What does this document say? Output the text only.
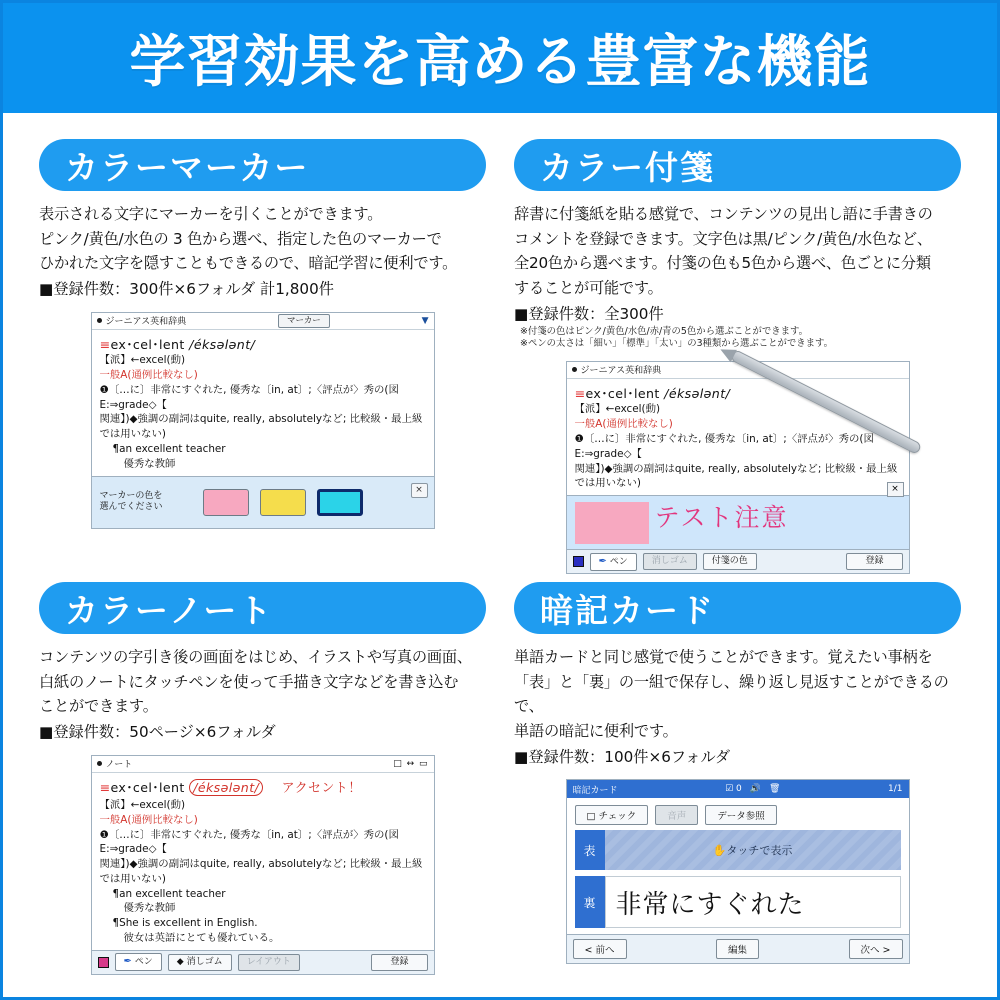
学習効果を高める豊富な機能
カラーマーカー
表示される文字にマーカーを引くことができます。
ピンク/黄色/水色の 3 色から選べ、指定した色のマーカーで
ひかれた文字を隠すこともできるので、暗記学習に便利です。
■登録件数：300件×6フォルダ 計1,800件
ジーニアス英和辞典	マーカー	▼
≡ex･cel･lent /éksələnt/
【派】←excel(動)
一般A(通例比較なし)
❶〔…に〕非常にすぐれた, 優秀な〔in, at〕;〈評点が〉秀の(図E:⇒grade◇【
関連】)◆強調の副詞はquite, really, absolutelyなど; 比較級・最上級では用いない)
¶an excellent teacher
優秀な教師
マーカーの色を
選んでください
×
カラー付箋
辞書に付箋紙を貼る感覚で、コンテンツの見出し語に手書きの
コメントを登録できます。文字色は黒/ピンク/黄色/水色など、
全20色から選べます。付箋の色も5色から選べ、色ごとに分類
することが可能です。
■登録件数：全300件
※付箋の色はピンク/黄色/水色/赤/青の5色から選ぶことができます。
※ペンの太さは「細い」「標準」「太い」の3種類から選ぶことができます。
ジーニアス英和辞典
≡ex･cel･lent /éksələnt/
【派】←excel(動)
一般A(通例比較なし)
❶〔…に〕非常にすぐれた, 優秀な〔in, at〕;〈評点が〉秀の(図E:⇒grade◇【
関連】)◆強調の副詞はquite, really, absolutelyなど; 比較級・最上級では用いない)
テスト注意
×
✒ ペン	消しゴム	付箋の色	登録
カラーノート
コンテンツの字引き後の画面をはじめ、イラストや写真の画面、
白紙のノートにタッチペンを使って手描き文字などを書き込む
ことができます。
■登録件数：50ページ×6フォルダ
ノート	□ ↔ ▭
≡ex･cel･lent /éksələnt/ アクセント！
【派】←excel(動)
一般A(通例比較なし)
❶〔…に〕非常にすぐれた, 優秀な〔in, at〕;〈評点が〉秀の(図E:⇒grade◇【
関連】)◆強調の副詞はquite, really, absolutelyなど; 比較級・最上級では用いない)
¶an excellent teacher
優秀な教師
¶She is excellent in English.
彼女は英語にとても優れている。
✒ ペン	◆ 消しゴム	レイアウト	登録
暗記カード
単語カードと同じ感覚で使うことができます。覚えたい事柄を
「表」と「裏」の一組で保存し、繰り返し見返すことができるので、
単語の暗記に便利です。
■登録件数：100件×6フォルダ
暗記カード	☑ 0 🔊 🗑	1/1
□ チェック	音声	データ参照
表	✋ タッチで表示
裏 非常にすぐれた
< 前へ	編集	次へ >
